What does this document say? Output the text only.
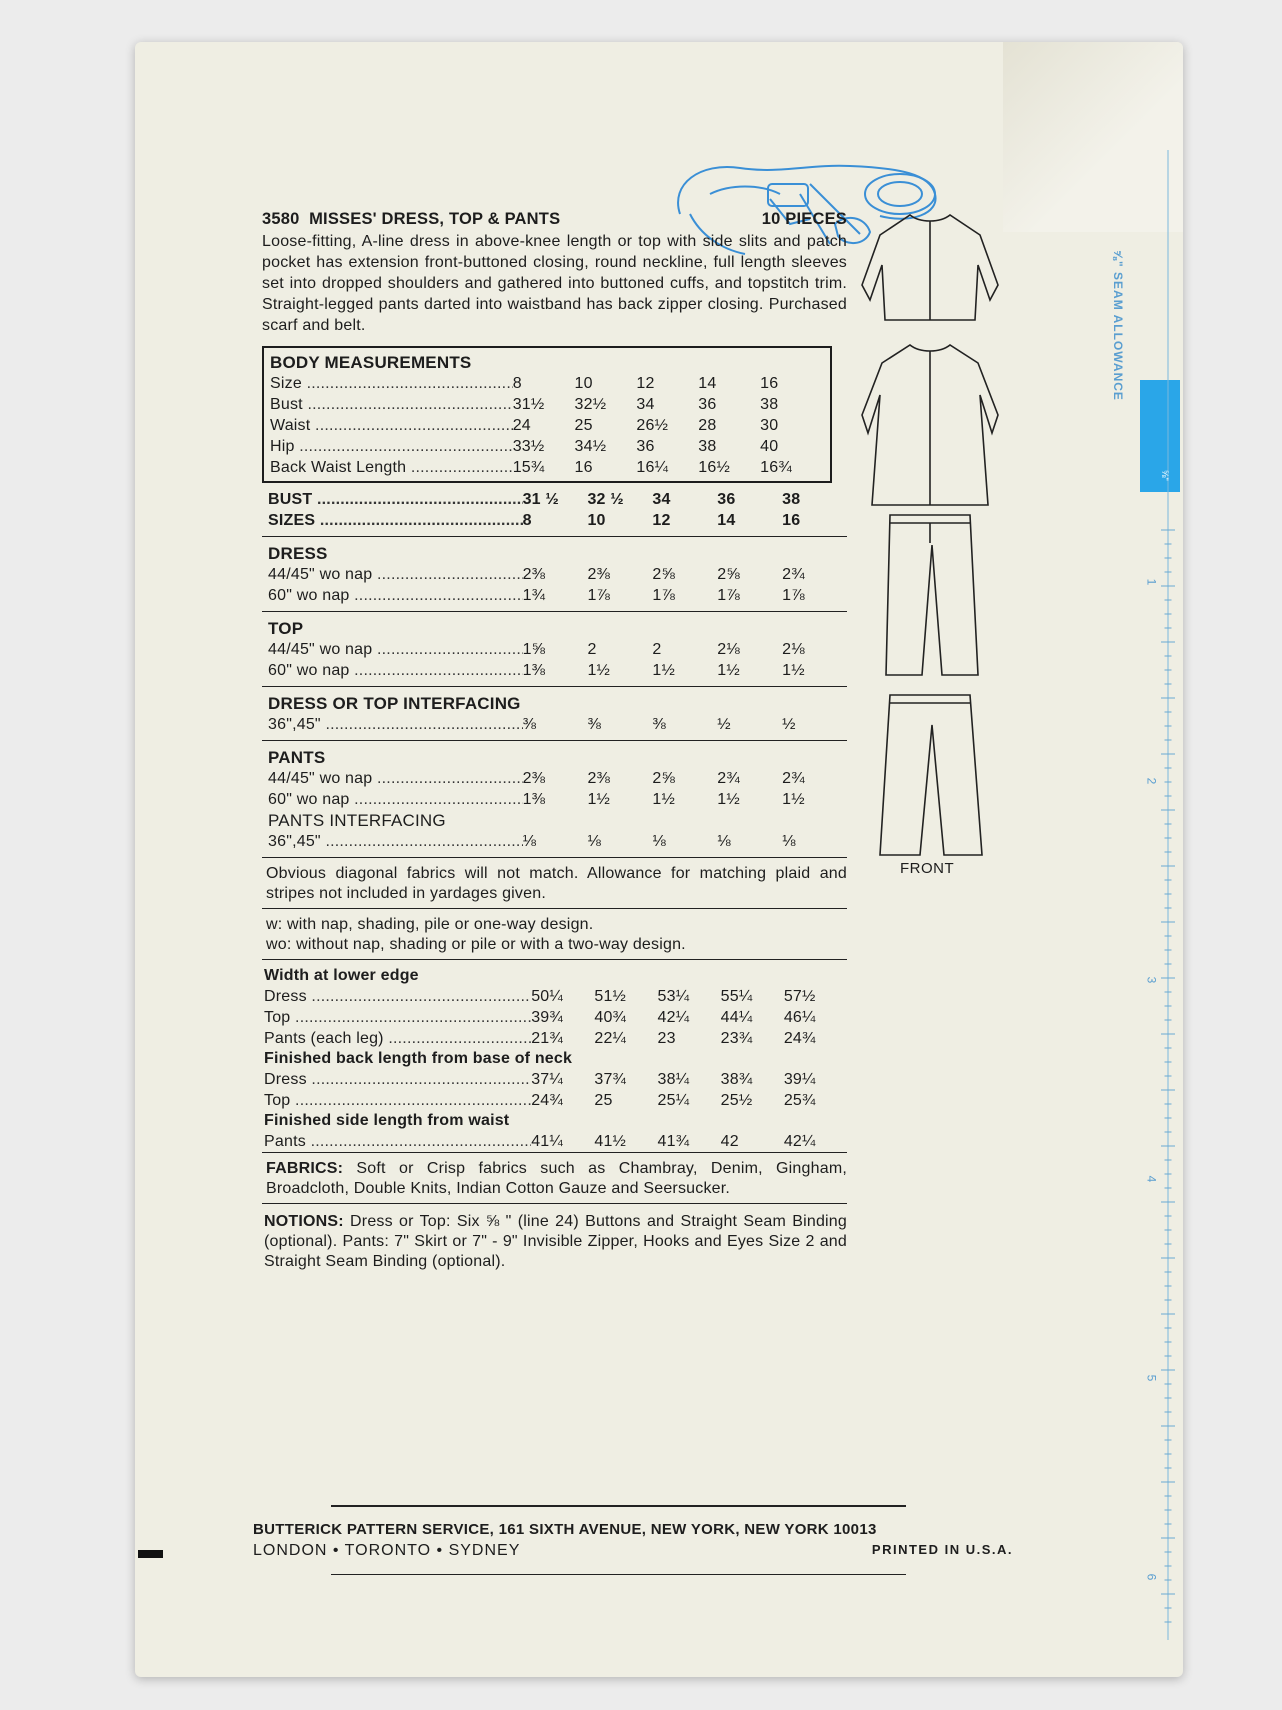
3580 MISSES' DRESS, TOP & PANTS	10 PIECES
Loose-fitting, A-line dress in above-knee length or top with side slits and patch pocket has extension front-buttoned closing, round neckline, full length sleeves set into dropped shoulders and gathered into buttoned cuffs, and topstitch trim. Straight-legged pants darted into waistband has back zipper closing. Purchased scarf and belt.
BODY MEASUREMENTS
Size .....	8	10	12	14	16
Bust .....	31½	32½	34	36	38
Waist .....	24	25	26½	28	30
Hip .....	33½	34½	36	38	40
Back Waist Length .....	15¾	16	16¼	16½	16¾
BUST .....	31 ½	32 ½	34	36	38
SIZES .....	8	10	12	14	16
DRESS
44/45" wo nap .....	2⅜	2⅜	2⅝	2⅝	2¾
60" wo nap .....	1¾	1⅞	1⅞	1⅞	1⅞
TOP
44/45" wo nap .....	1⅝	2	2	2⅛	2⅛
60" wo nap .....	1⅜	1½	1½	1½	1½
DRESS OR TOP INTERFACING
36",45" .....	⅜	⅜	⅜	½	½
PANTS
44/45" wo nap .....	2⅜	2⅜	2⅝	2¾	2¾
60" wo nap .....	1⅜	1½	1½	1½	1½
PANTS INTERFACING
36",45" .....	⅛	⅛	⅛	⅛	⅛
Obvious diagonal fabrics will not match. Allowance for matching plaid and stripes not included in yardages given.
w: with nap, shading, pile or one-way design.
wo: without nap, shading or pile or with a two-way design.
Width at lower edge
Dress .....	50¼	51½	53¼	55¼	57½
Top .....	39¾	40¾	42¼	44¼	46¼
Pants (each leg) .....	21¾	22¼	23	23¾	24¾
Finished back length from base of neck
Dress .....	37¼	37¾	38¼	38¾	39¼
Top .....	24¾	25	25¼	25½	25¾
Finished side length from waist
Pants .....	41¼	41½	41¾	42	42¼
FABRICS: Soft or Crisp fabrics such as Chambray, Denim, Gingham, Broadcloth, Double Knits, Indian Cotton Gauze and Seersucker.
NOTIONS: Dress or Top: Six ⅝ " (line 24) Buttons and Straight Seam Binding (optional). Pants: 7" Skirt or 7" - 9" Invisible Zipper, Hooks and Eyes Size 2 and Straight Seam Binding (optional).
FRONT
⅝" SEAM ALLOWANCE
⅝"
1
2
3
4
5
6
BUTTERICK PATTERN SERVICE, 161 SIXTH AVENUE, NEW YORK, NEW YORK 10013
LONDON • TORONTO • SYDNEY	PRINTED IN U.S.A.
